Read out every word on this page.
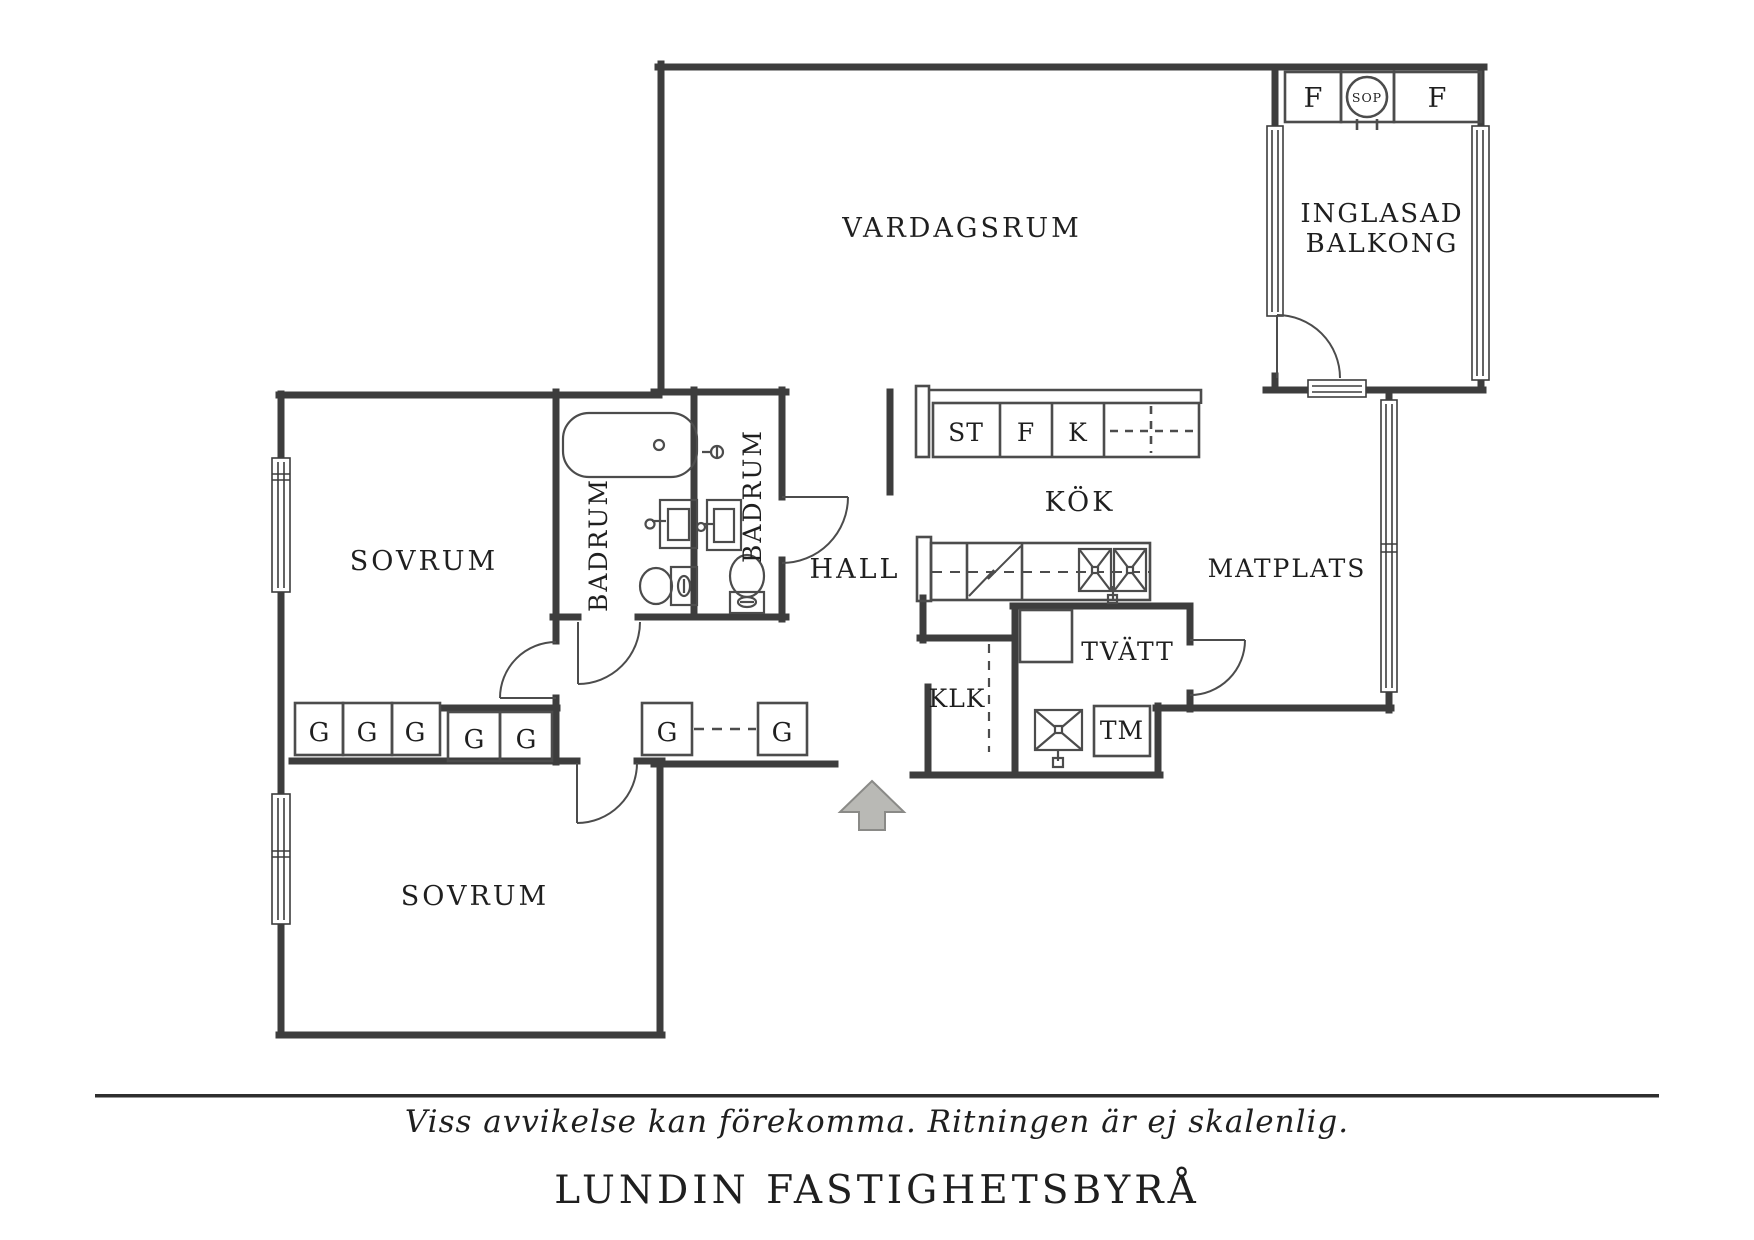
VARDAGSRUM	INGLASAD
BALKONG
F SOP F
SOVRUM
SOVRUM
BADRUM	BADRUM
HALL
KÖK
MATPLATS
TVÄTT
KLK
TM
ST F K
G G G G G	G	G
Viss avvikelse kan förekomma. Ritningen är ej skalenlig.
LUNDIN FASTIGHETSBYRÅ
